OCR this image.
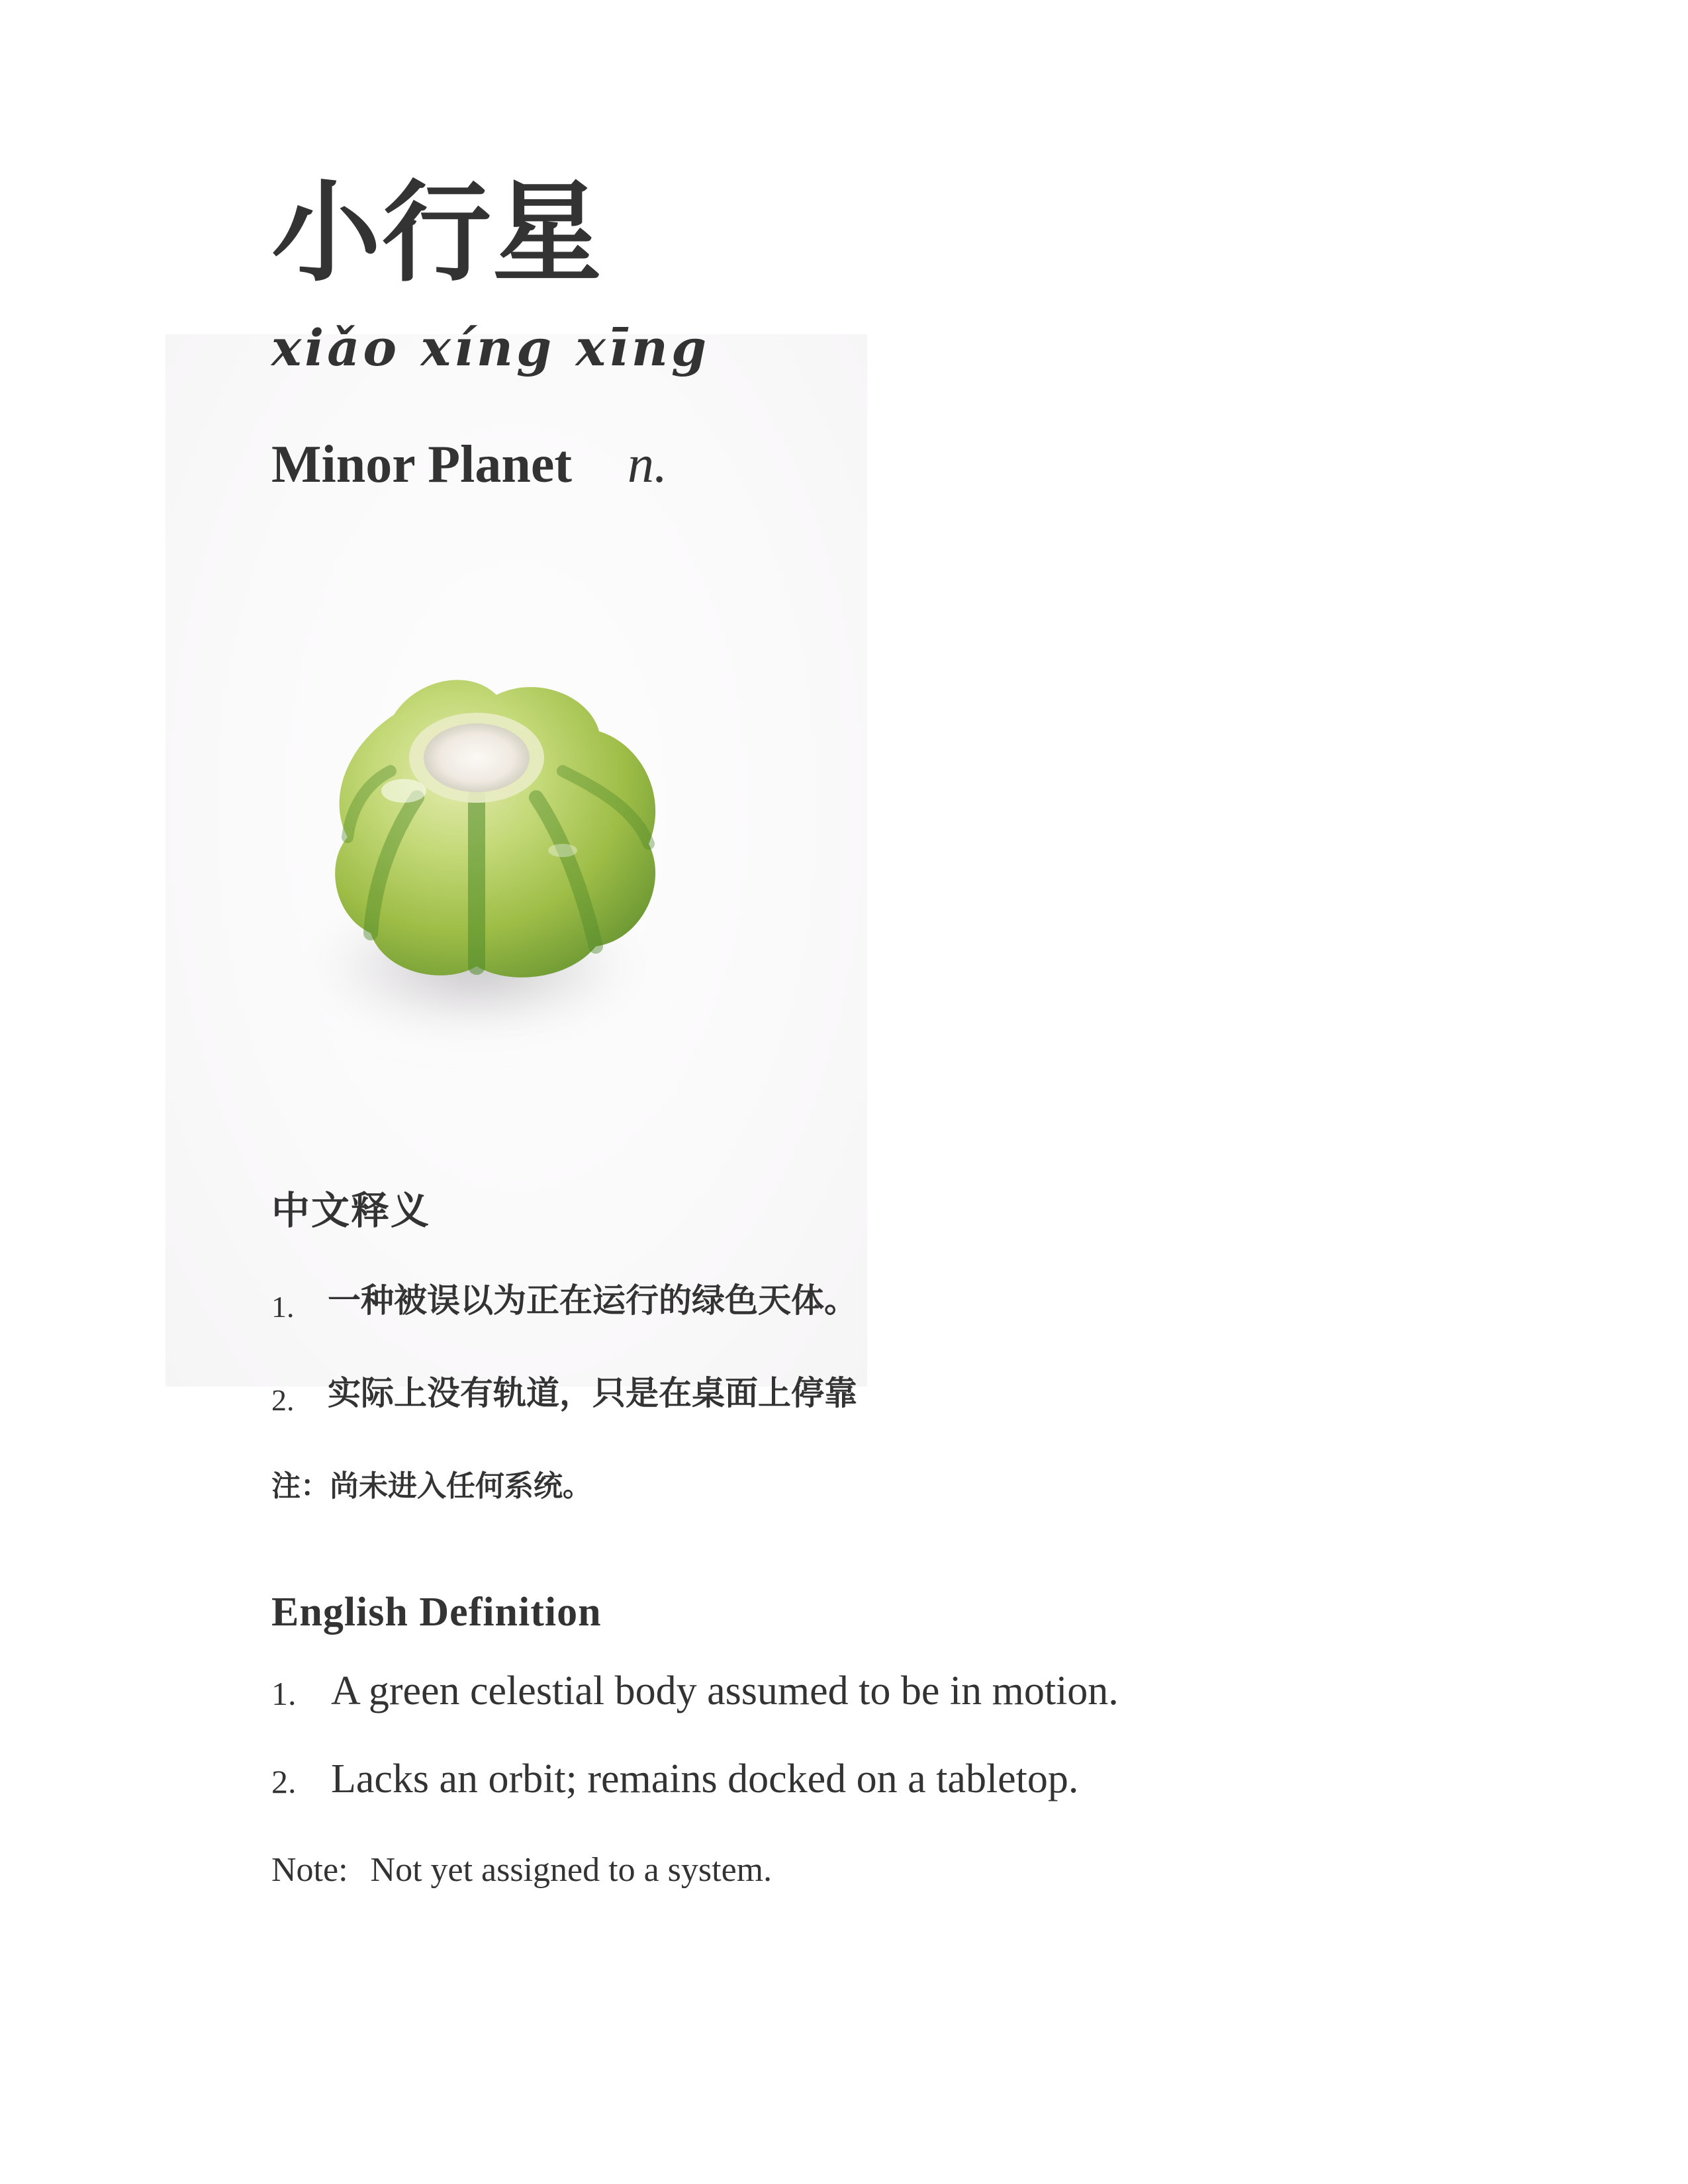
小行星
xiǎo xíng xīng
Minor Planet n.
中文释义
1. 一种被误以为正在运行的绿色天体。
2. 实际上没有轨道，只是在桌面上停靠
注：尚未进入任何系统。
English Definition
1. A green celestial body assumed to be in motion.
2. Lacks an orbit; remains docked on a tabletop.
Note: Not yet assigned to a system.
